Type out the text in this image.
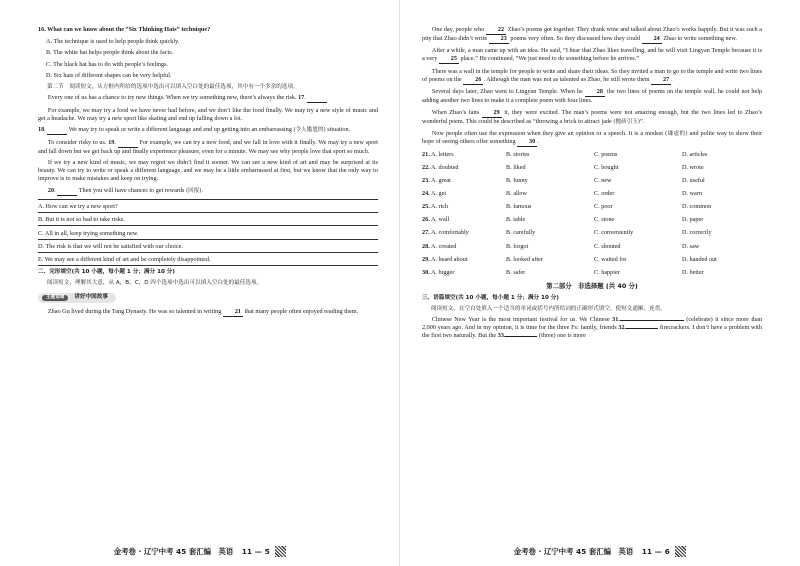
16. What can we know about the “Six Thinking Hats” technique?

A. The technique is used to help people think quickly.

B. The white hat helps people think about the facts.

C. The black hat has to do with people’s feelings.

D. Six hats of different shapes can be very helpful.

第二节　阅读短文，从方框内所给的选项中选出可以填入空白处的最佳选项，其中有一个多余的选项。

Every one of us has a chance to try new things. When we try something new, there’s always the risk. 17.

For example, we may try a food we have never had before, and we don’t like the food finally. We may try a new style of music and get a headache. We may try a new sport like skating and end up falling down a lot.

18.	We may try to speak or write a different language and end up getting into an embarrassing (令人尴尬的) situation.

To consider risky to us. 19.	For example, we can try a new food, and we fall in love with it finally. We may try a new sport and fall down but we get back up and finally experience pleasure, even for a minute. We may see why people love that sport so much.

If we try a new kind of music, we may regret we didn’t find it sooner. We can see a new kind of art and may be surprised at its beauty. We can try to write or speak a different language, and we may be a little embarrassed at first, but we know that the only way to improve is to make mistakes and keep on trying.

20.	Then you will have chances to get rewards (回报).

A. How can we try a new sport?

B. But it is not so bad to take risks.

C. All in all, keep trying something new.

D. The risk is that we will not be satisfied with our choice.

E. We may see a different kind of art and be completely disappointed.

二、完形填空(共 10 小题，每小题 1 分；满分 10 分)

阅读短文，理解其大意，从 A，B，C，D 四个选项中选出可以填入空白处的最佳选项。

主题语境 讲好中国故事

Zhao Gu lived during the Tang Dynasty. He was so talented in writing 21 that many people often enjoyed reading them.

金考卷 · 辽宁中考 45 套汇编　英语 11 — 5

One day, people who 22 Zhao’s poems got together. They drank wine and talked about Zhao’s works happily. But it was such a pity that Zhao didn’t write 23 poems very often. So they discussed how they could 24 Zhao to write something new.

After a while, a man came up with an idea. He said, “I hear that Zhao likes travelling, and he will visit Lingyan Temple because it is a very 25 place.” He continued, “We just need to do something before he arrives.”

There was a wall in the temple for people to write and share their ideas. So they invited a man to go to the temple and write two lines of poems on the 26 . Although the man was not as talented as Zhao, he still wrote them 27 .

Several days later, Zhao went to Lingyan Temple. When he 28 the two lines of poems on the temple wall, he could not help adding another two lines to make it a complete poem with four lines.

When Zhao’s fans 29 it, they were excited. The man’s poems were not amazing enough, but the two lines led to Zhao’s wonderful poem. This could be described as “throwing a brick to attract jade (抛砖引玉)”.

Now people often use the expression when they give an opinion or a speech. It is a modest (谦虚的) and polite way to show their hope of seeing others offer something 30 .

21. A. letters	B. stories	C. poems	D. articles
22. A. doubted	B. liked	C. bought	D. wrote
23. A. great	B. funny	C. new	D. useful
24. A. get	B. allow	C. order	D. warn
25. A. rich	B. famous	C. poor	D. common
26. A. wall	B. table	C. stone	D. paper
27. A. comfortably	B. carefully	C. conveniently	D. correctly
28. A. created	B. forgot	C. shouted	D. saw
29. A. heard about	B. looked after	C. waited for	D. handed out
30. A. bigger	B. safer	C. happier	D. better
第二部分　非选择题 (共 40 分)

三、语篇填空(共 10 小题，每小题 1 分；满分 10 分)

阅读短文，在空白处填入一个适当的单词或括号内所给词的正确形式填空，使短文通顺、连贯。

Chinese New Year is the most important festival for us. We Chinese 31.	(celebrate) it since more than 2,000 years ago. And in my opinion, it is time for the three Fs: family, friends 32.	firecrackers. I don’t have a problem with the first two naturally. But the 33.	(three) one is more

金考卷 · 辽宁中考 45 套汇编　英语 11 — 6
